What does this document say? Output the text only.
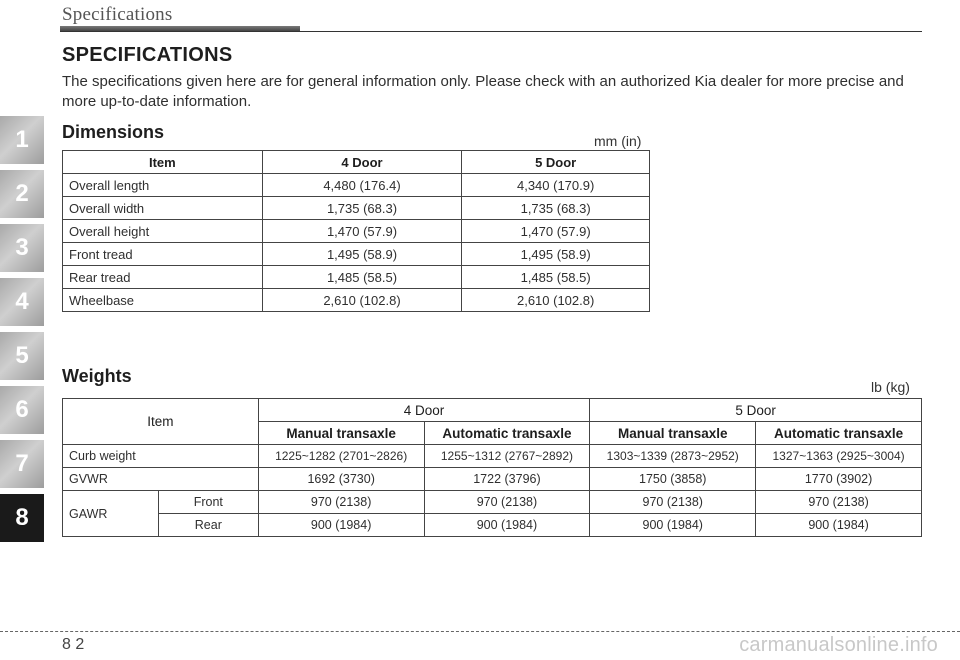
Specifications
1
2
3
4
5
6
7
8
SPECIFICATIONS
The specifications given here are for general information only. Please check with an authorized Kia dealer for more precise and more up-to-date information.
Dimensions	mm (in)
Item	4 Door	5 Door
Overall length	4,480 (176.4)	4,340 (170.9)
Overall width	1,735 (68.3)	1,735 (68.3)
Overall height	1,470 (57.9)	1,470 (57.9)
Front tread	1,495 (58.9)	1,495 (58.9)
Rear tread	1,485 (58.5)	1,485 (58.5)
Wheelbase	2,610 (102.8)	2,610 (102.8)
Weights
lb (kg)
Item		4 Door		5 Door	
		Manual transaxle	Automatic transaxle	Manual transaxle	Automatic transaxle
Curb weight		1225~1282 (2701~2826)	1255~1312 (2767~2892)	1303~1339 (2873~2952)	1327~1363 (2925~3004)
GVWR		1692 (3730)	1722 (3796)	1750 (3858)	1770 (3902)
GAWR	Front	970 (2138)	970 (2138)	970 (2138)	970 (2138)
	Rear	900 (1984)	900 (1984)	900 (1984)	900 (1984)
8 2	carmanualsonline.info
